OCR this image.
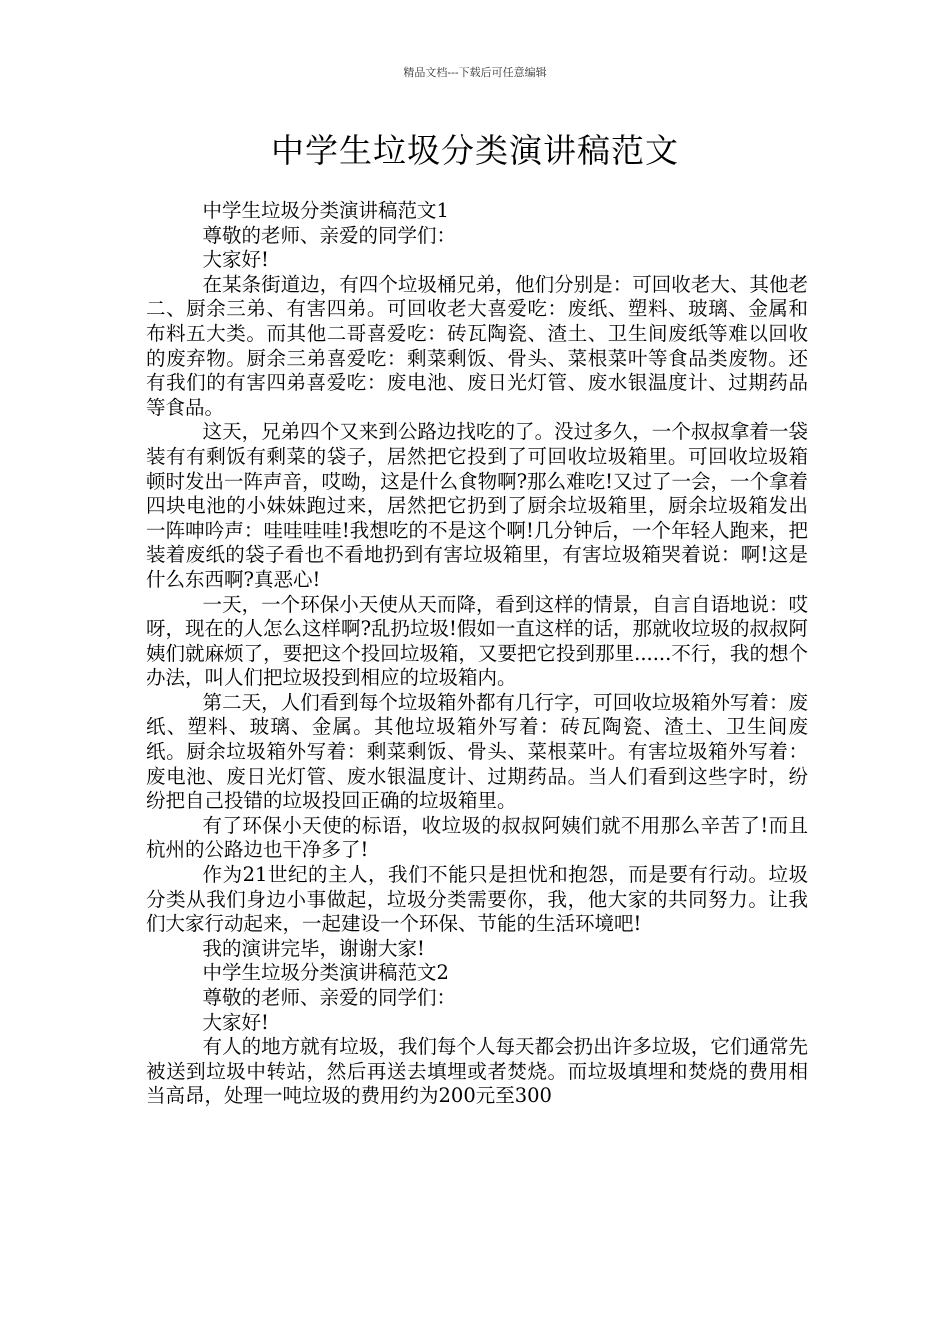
精品文档---下载后可任意编辑
中学生垃圾分类演讲稿范文

中学生垃圾分类演讲稿范文1

尊敬的老师、亲爱的同学们：

大家好!

在某条街道边，有四个垃圾桶兄弟，他们分别是：可回收老大、其他老二、厨余三弟、有害四弟。可回收老大喜爱吃：废纸、塑料、玻璃、金属和布料五大类。而其他二哥喜爱吃：砖瓦陶瓷、渣土、卫生间废纸等难以回收的废弃物。厨余三弟喜爱吃：剩菜剩饭、骨头、菜根菜叶等食品类废物。还有我们的有害四弟喜爱吃：废电池、废日光灯管、废水银温度计、过期药品等食品。

这天，兄弟四个又来到公路边找吃的了。没过多久，一个叔叔拿着一袋装有有剩饭有剩菜的袋子，居然把它投到了可回收垃圾箱里。可回收垃圾箱顿时发出一阵声音，哎呦，这是什么食物啊?那么难吃!又过了一会，一个拿着四块电池的小妹妹跑过来，居然把它扔到了厨余垃圾箱里，厨余垃圾箱发出一阵呻吟声：哇哇哇哇!我想吃的不是这个啊!几分钟后，一个年轻人跑来，把装着废纸的袋子看也不看地扔到有害垃圾箱里，有害垃圾箱哭着说：啊!这是什么东西啊?真恶心!

一天，一个环保小天使从天而降，看到这样的情景，自言自语地说：哎呀，现在的人怎么这样啊?乱扔垃圾!假如一直这样的话，那就收垃圾的叔叔阿姨们就麻烦了，要把这个投回垃圾箱，又要把它投到那里......不行，我的想个办法，叫人们把垃圾投到相应的垃圾箱内。

第二天，人们看到每个垃圾箱外都有几行字，可回收垃圾箱外写着：废纸、塑料、玻璃、金属。其他垃圾箱外写着：砖瓦陶瓷、渣土、卫生间废纸。厨余垃圾箱外写着：剩菜剩饭、骨头、菜根菜叶。有害垃圾箱外写着：废电池、废日光灯管、废水银温度计、过期药品。当人们看到这些字时，纷纷把自己投错的垃圾投回正确的垃圾箱里。

有了环保小天使的标语，收垃圾的叔叔阿姨们就不用那么辛苦了!而且杭州的公路边也干净多了!

作为21世纪的主人，我们不能只是担忧和抱怨，而是要有行动。垃圾分类从我们身边小事做起，垃圾分类需要你，我，他大家的共同努力。让我们大家行动起来，一起建设一个环保、节能的生活环境吧!

我的演讲完毕，谢谢大家!

中学生垃圾分类演讲稿范文2

尊敬的老师、亲爱的同学们：

大家好!

有人的地方就有垃圾，我们每个人每天都会扔出许多垃圾，它们通常先被送到垃圾中转站，然后再送去填埋或者焚烧。而垃圾填埋和焚烧的费用相当高昂，处理一吨垃圾的费用约为200元至300
